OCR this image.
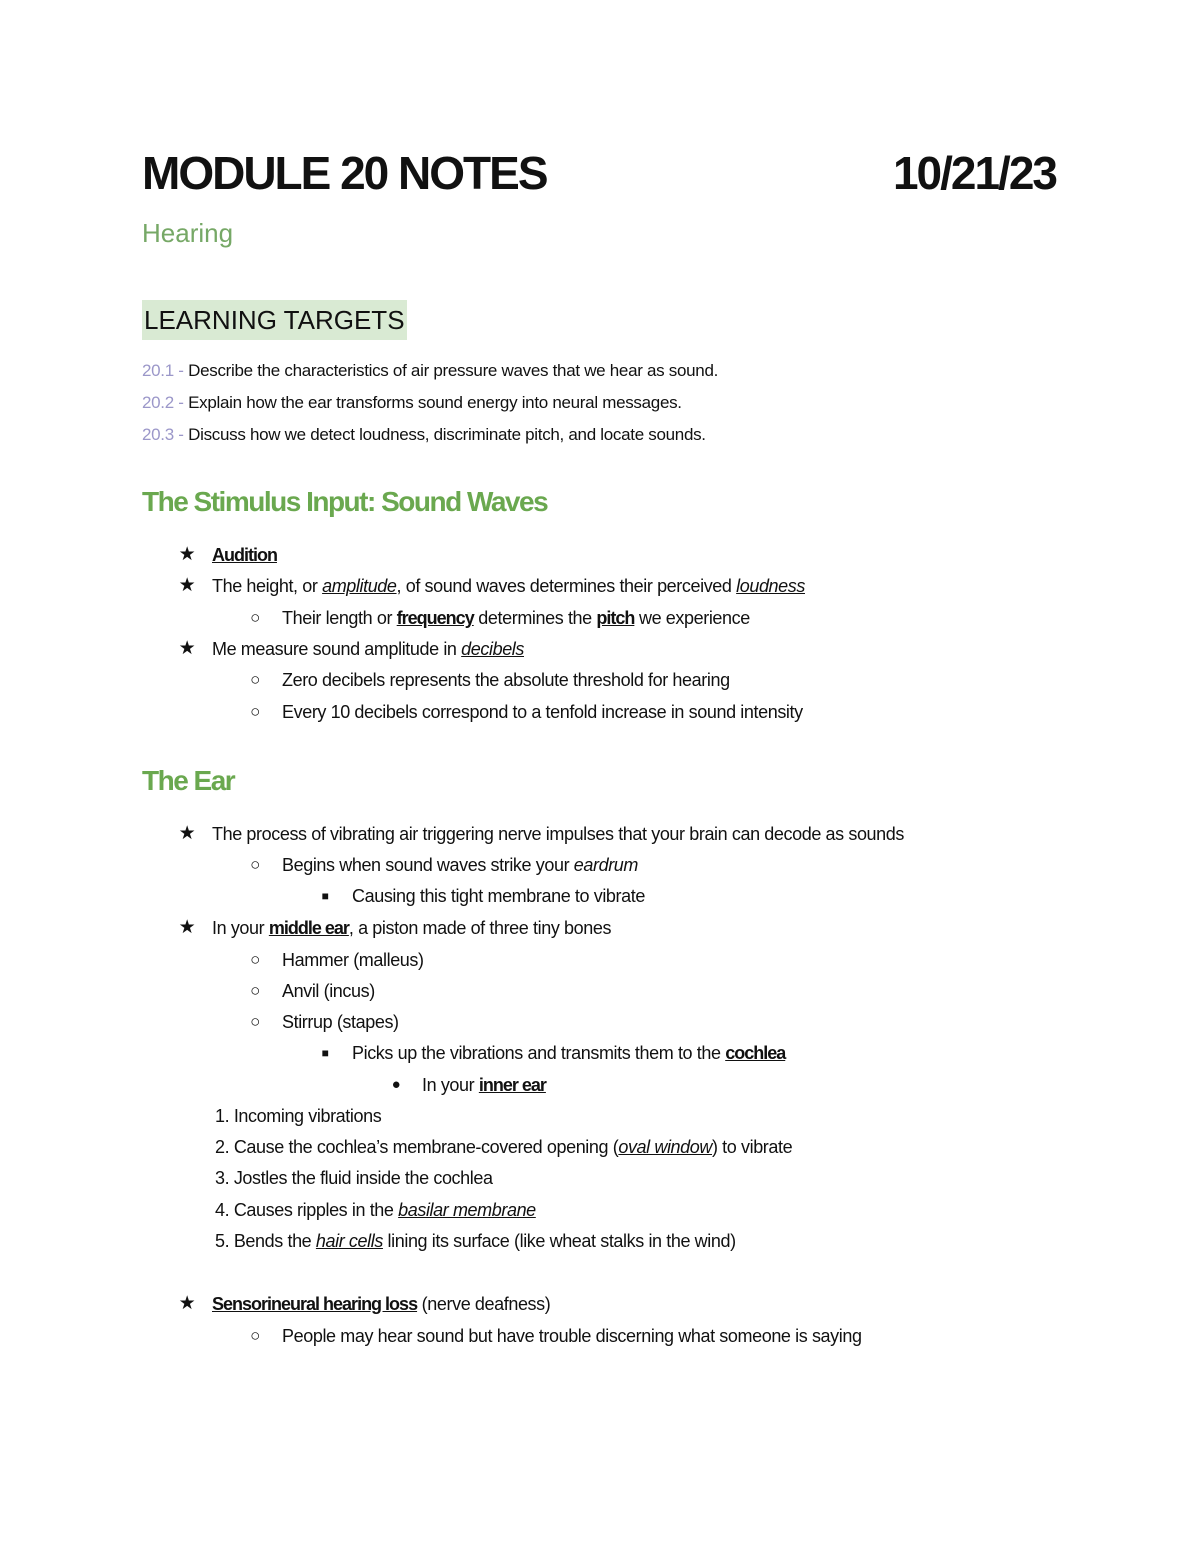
MODULE 20 NOTES	10/21/23
Hearing
LEARNING TARGETS
20.1 - Describe the characteristics of air pressure waves that we hear as sound.
20.2 - Explain how the ear transforms sound energy into neural messages.
20.3 - Discuss how we detect loudness, discriminate pitch, and locate sounds.
The Stimulus Input: Sound Waves
★ Audition
★ The height, or amplitude, of sound waves determines their perceived loudness
○	Their length or frequency determines the pitch we experience
★ Me measure sound amplitude in decibels
○	Zero decibels represents the absolute threshold for hearing
○	Every 10 decibels correspond to a tenfold increase in sound intensity
The Ear
★ The process of vibrating air triggering nerve impulses that your brain can decode as sounds
○	Begins when sound waves strike your eardrum
■	Causing this tight membrane to vibrate
★ In your middle ear, a piston made of three tiny bones
○	Hammer (malleus)
○	Anvil (incus)
○	Stirrup (stapes)
■	Picks up the vibrations and transmits them to the cochlea
●	In your inner ear
1. Incoming vibrations
2. Cause the cochlea’s membrane-covered opening (oval window) to vibrate
3. Jostles the fluid inside the cochlea
4. Causes ripples in the basilar membrane
5. Bends the hair cells lining its surface (like wheat stalks in the wind)
★ Sensorineural hearing loss (nerve deafness)
○	People may hear sound but have trouble discerning what someone is saying
